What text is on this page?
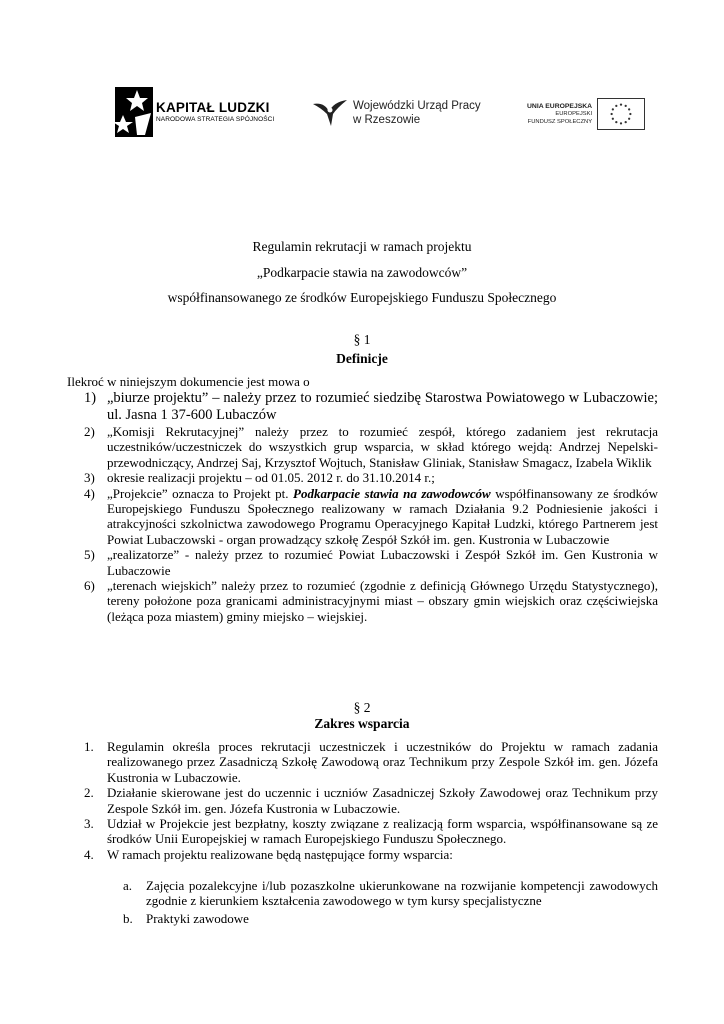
KAPITAŁ LUDZKI
NARODOWA STRATEGIA SPÓJNOŚCI
Wojewódzki Urząd Pracy
w Rzeszowie
UNIA EUROPEJSKA
EUROPEJSKI
FUNDUSZ SPOŁECZNY
Regulamin rekrutacji w ramach projektu
„Podkarpacie stawia na zawodowców”
współfinansowanego ze środków Europejskiego Funduszu Społecznego
§ 1
Definicje
Ilekroć w niniejszym dokumencie jest mowa o
1) „biurze projektu” – należy przez to rozumieć siedzibę Starostwa Powiatowego w Lubaczowie; ul. Jasna 1 37-600 Lubaczów
2) „Komisji Rekrutacyjnej” należy przez to rozumieć zespół, którego zadaniem jest rekrutacja uczestników/uczestniczek do wszystkich grup wsparcia, w skład którego wejdą: Andrzej Nepelski-przewodniczący, Andrzej Saj, Krzysztof Wojtuch, Stanisław Gliniak, Stanisław Smagacz, Izabela Wiklik
3) okresie realizacji projektu – od 01.05. 2012 r. do 31.10.2014 r.;
4) „Projekcie” oznacza to Projekt pt. Podkarpacie stawia na zawodowców współfinansowany ze środków Europejskiego Funduszu Społecznego realizowany w ramach Działania 9.2 Podniesienie jakości i atrakcyjności szkolnictwa zawodowego Programu Operacyjnego Kapitał Ludzki, którego Partnerem jest Powiat Lubaczowski - organ prowadzący szkołę Zespół Szkół im. gen. Kustronia w Lubaczowie
5) „realizatorze” - należy przez to rozumieć Powiat Lubaczowski i Zespół Szkół im. Gen Kustronia w Lubaczowie
6) „terenach wiejskich” należy przez to rozumieć (zgodnie z definicją Głównego Urzędu Statystycznego), tereny położone poza granicami administracyjnymi miast – obszary gmin wiejskich oraz częściwiejska (leżąca poza miastem) gminy miejsko – wiejskiej.
§ 2
Zakres wsparcia
1. Regulamin określa proces rekrutacji uczestniczek i uczestników do Projektu w ramach zadania realizowanego przez Zasadniczą Szkołę Zawodową oraz Technikum przy Zespole Szkół im. gen. Józefa Kustronia w Lubaczowie.
2. Działanie skierowane jest do uczennic i uczniów Zasadniczej Szkoły Zawodowej oraz Technikum przy Zespole Szkół im. gen. Józefa Kustronia w Lubaczowie.
3. Udział w Projekcie jest bezpłatny, koszty związane z realizacją form wsparcia, współfinansowane są ze środków Unii Europejskiej w ramach Europejskiego Funduszu Społecznego.
4. W ramach projektu realizowane będą następujące formy wsparcia:
a. Zajęcia pozalekcyjne i/lub pozaszkolne ukierunkowane na rozwijanie kompetencji zawodowych zgodnie z kierunkiem kształcenia zawodowego w tym kursy specjalistyczne
b. Praktyki zawodowe
